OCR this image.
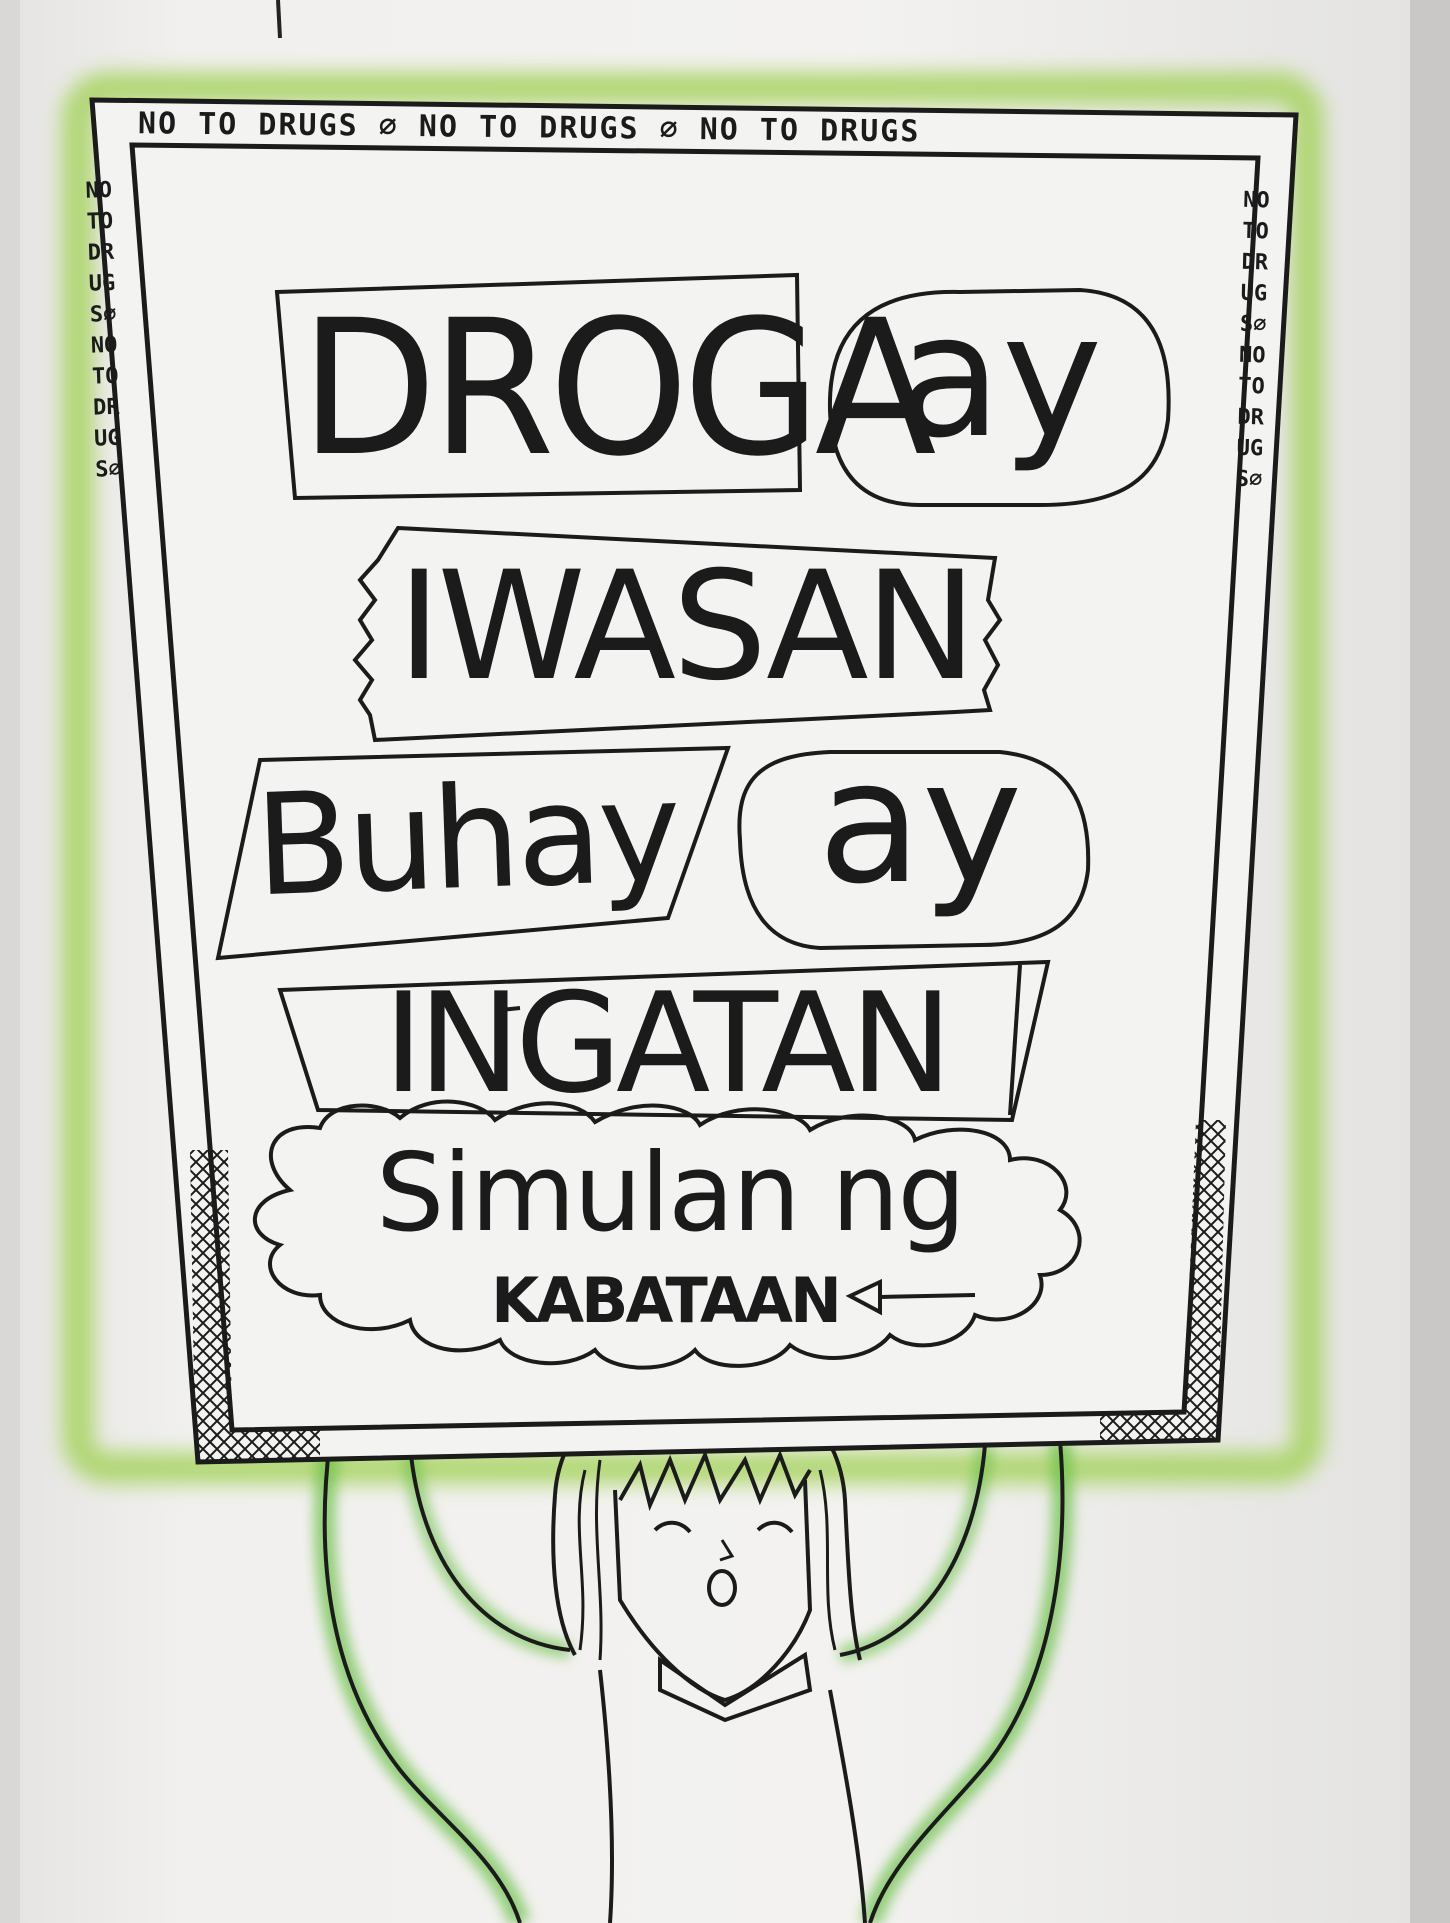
NO TO DRUGS ∅ NO TO DRUGS ∅ NO TO DRUGS
NOTODRUGS∅NOTODRUGS∅
NOTODRUGS∅NOTODRUGS∅
DROGA
ay
IWASAN
Buhay ay
INGATAN
Simulan ng
KABATAAN
